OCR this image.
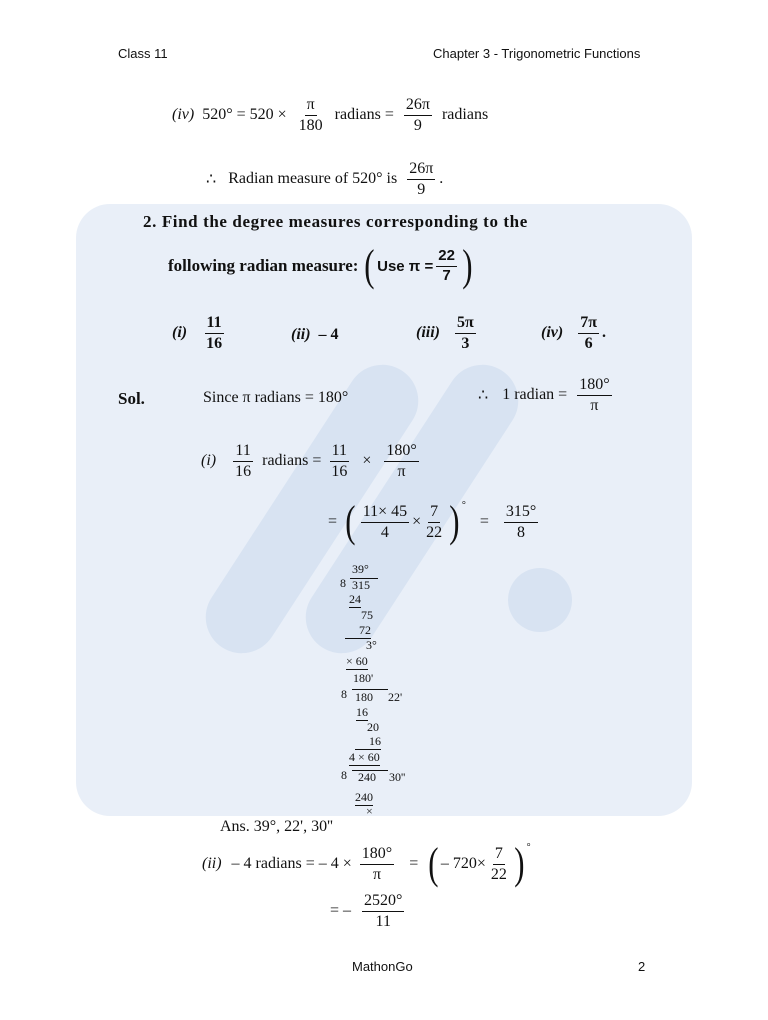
Class 11	Chapter 3 - Trigonometric Functions
(iv) $520^\circ = 520 \times \frac{\pi}{180}$ radians = $\frac{26\pi}{9}$ radians
∴ Radian measure of 520° is $\frac{26\pi}{9}$ .
2. Find the degree measures corresponding to the
following radian measure: ( Use $\pi = \frac{22}{7}$ )
$(i) \frac{11}{16}$	(ii) – 4	$(iii) \frac{5\pi}{3}$	$(iv) \frac{7\pi}{6}$ .
Sol.	Since π radians = 180°	∴ 1 radian = $\frac{180^\circ}{\pi}$
$(i) \frac{11}{16}$ radians = $\frac{11}{16} \times \frac{180^\circ}{\pi}$
= ( $\frac{11\times 45}{4} \times \frac{7}{22}$ ) °
= $\frac{315^\circ}{8}$
39°
8 315
24
75
72
3°
× 60
180'
8 180 22'
16
20
16
4 × 60
8 240 30''
240
×
Ans. 39°, 22', 30''
(ii) – 4 radians = – $4 \times \frac{180^\circ}{\pi}$ = ( – $720\times \frac{7}{22}$ ) °
= – $\frac{2520^\circ}{11}$
MathonGo	2
